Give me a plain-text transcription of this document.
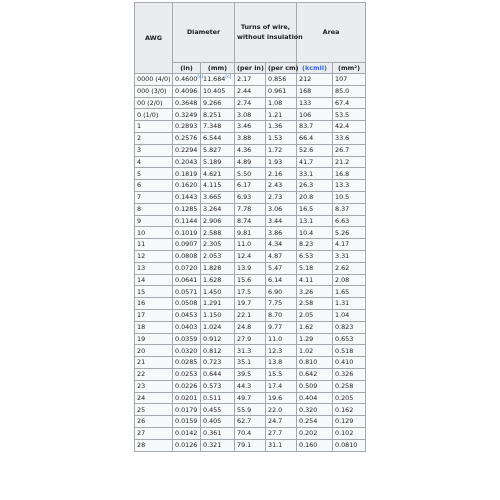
AWG	Diameter		Turns of wire,
without insulation		Area	
	(in)	(mm)	(per in)	(per cm)	(kcmil)	(mm²)
0000 (4/0)	0.4600[c]	11.684[c]	2.17	0.856	212	107
000 (3/0)	0.4096	10.405	2.44	0.961	168	85.0
00 (2/0)	0.3648	9.266	2.74	1.08	133	67.4
0 (1/0)	0.3249	8.251	3.08	1.21	106	53.5
1	0.2893	7.348	3.46	1.36	83.7	42.4
2	0.2576	6.544	3.88	1.53	66.4	33.6
3	0.2294	5.827	4.36	1.72	52.6	26.7
4	0.2043	5.189	4.89	1.93	41.7	21.2
5	0.1819	4.621	5.50	2.16	33.1	16.8
6	0.1620	4.115	6.17	2.43	26.3	13.3
7	0.1443	3.665	6.93	2.73	20.8	10.5
8	0.1285	3.264	7.78	3.06	16.5	8.37
9	0.1144	2.906	8.74	3.44	13.1	6.63
10	0.1019	2.588	9.81	3.86	10.4	5.26
11	0.0907	2.305	11.0	4.34	8.23	4.17
12	0.0808	2.053	12.4	4.87	6.53	3.31
13	0.0720	1.828	13.9	5.47	5.18	2.62
14	0.0641	1.628	15.6	6.14	4.11	2.08
15	0.0571	1.450	17.5	6.90	3.26	1.65
16	0.0508	1.291	19.7	7.75	2.58	1.31
17	0.0453	1.150	22.1	8.70	2.05	1.04
18	0.0403	1.024	24.8	9.77	1.62	0.823
19	0.0359	0.912	27.9	11.0	1.29	0.653
20	0.0320	0.812	31.3	12.3	1.02	0.518
21	0.0285	0.723	35.1	13.8	0.810	0.410
22	0.0253	0.644	39.5	15.5	0.642	0.326
23	0.0226	0.573	44.3	17.4	0.509	0.258
24	0.0201	0.511	49.7	19.6	0.404	0.205
25	0.0179	0.455	55.9	22.0	0.320	0.162
26	0.0159	0.405	62.7	24.7	0.254	0.129
27	0.0142	0.361	70.4	27.7	0.202	0.102
28	0.0126	0.321	79.1	31.1	0.160	0.0810
